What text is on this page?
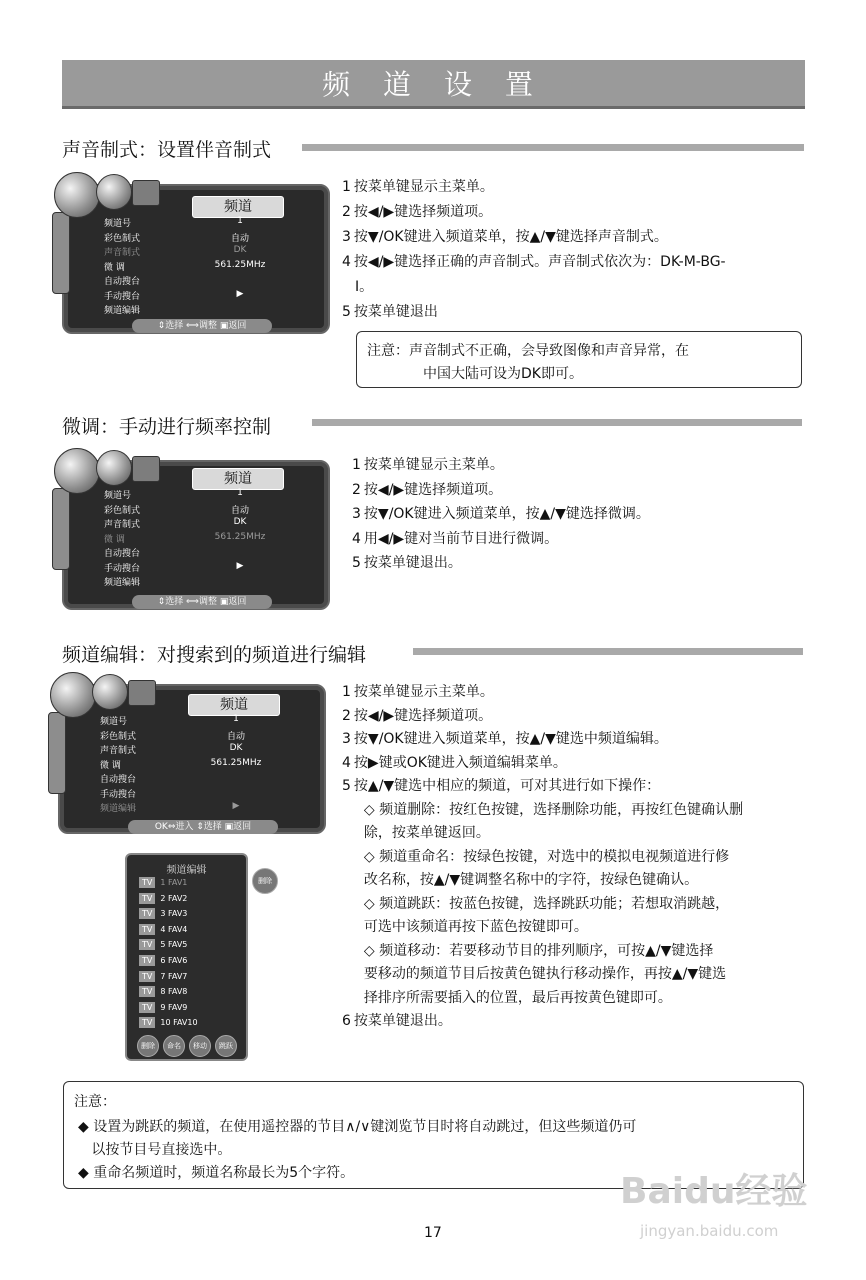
频 道 设 置
声音制式：设置伴音制式
频道
频道号	1
彩色制式	自动
声音制式	DK
微 调	561.25MHz
自动搜台
手动搜台	▶
频道编辑
⇕选择 ⟺调整 ▣返回
1 按菜单键显示主菜单。
2 按◀/▶键选择频道项。
3 按▼/OK键进入频道菜单，按▲/▼键选择声音制式。
4 按◀/▶键选择正确的声音制式。声音制式依次为：DK-M-BG-
I。
5 按菜单键退出
注意：声音制式不正确，会导致图像和声音异常，在
中国大陆可设为DK即可。
微调：手动进行频率控制
频道
频道号	1
彩色制式	自动
声音制式	DK
微 调	561.25MHz
自动搜台
手动搜台	▶
频道编辑
⇕选择 ⟺调整 ▣返回
1 按菜单键显示主菜单。
2 按◀/▶键选择频道项。
3 按▼/OK键进入频道菜单，按▲/▼键选择微调。
4 用◀/▶键对当前节目进行微调。
5 按菜单键退出。
频道编辑：对搜索到的频道进行编辑
频道
频道号	1
彩色制式	自动
声音制式	DK
微 调	561.25MHz
自动搜台
手动搜台
频道编辑	▶
OK⇔进入 ⇕选择 ▣返回
频道编辑
TV	1 FAV1
TV	2 FAV2
TV	3 FAV3
TV	4 FAV4
TV	5 FAV5
TV	6 FAV6
TV	7 FAV7
TV	8 FAV8
TV	9 FAV9
TV	10 FAV10
删除	命名	移动	跳跃
删除
1 按菜单键显示主菜单。
2 按◀/▶键选择频道项。
3 按▼/OK键进入频道菜单，按▲/▼键选中频道编辑。
4 按▶键或OK键进入频道编辑菜单。
5 按▲/▼键选中相应的频道，可对其进行如下操作：
◇ 频道删除：按红色按键，选择删除功能，再按红色键确认删
除，按菜单键返回。
◇ 频道重命名：按绿色按键，对选中的模拟电视频道进行修
改名称，按▲/▼键调整名称中的字符，按绿色键确认。
◇ 频道跳跃：按蓝色按键，选择跳跃功能；若想取消跳越，
可选中该频道再按下蓝色按键即可。
◇ 频道移动：若要移动节目的排列顺序，可按▲/▼键选择
要移动的频道节目后按黄色键执行移动操作，再按▲/▼键选
择排序所需要插入的位置，最后再按黄色键即可。
6 按菜单键退出。
注意：
◆ 设置为跳跃的频道，在使用遥控器的节目∧/∨键浏览节目时将自动跳过，但这些频道仍可
以按节目号直接选中。
◆ 重命名频道时，频道名称最长为5个字符。
17
Baidu经验
jingyan.baidu.com
